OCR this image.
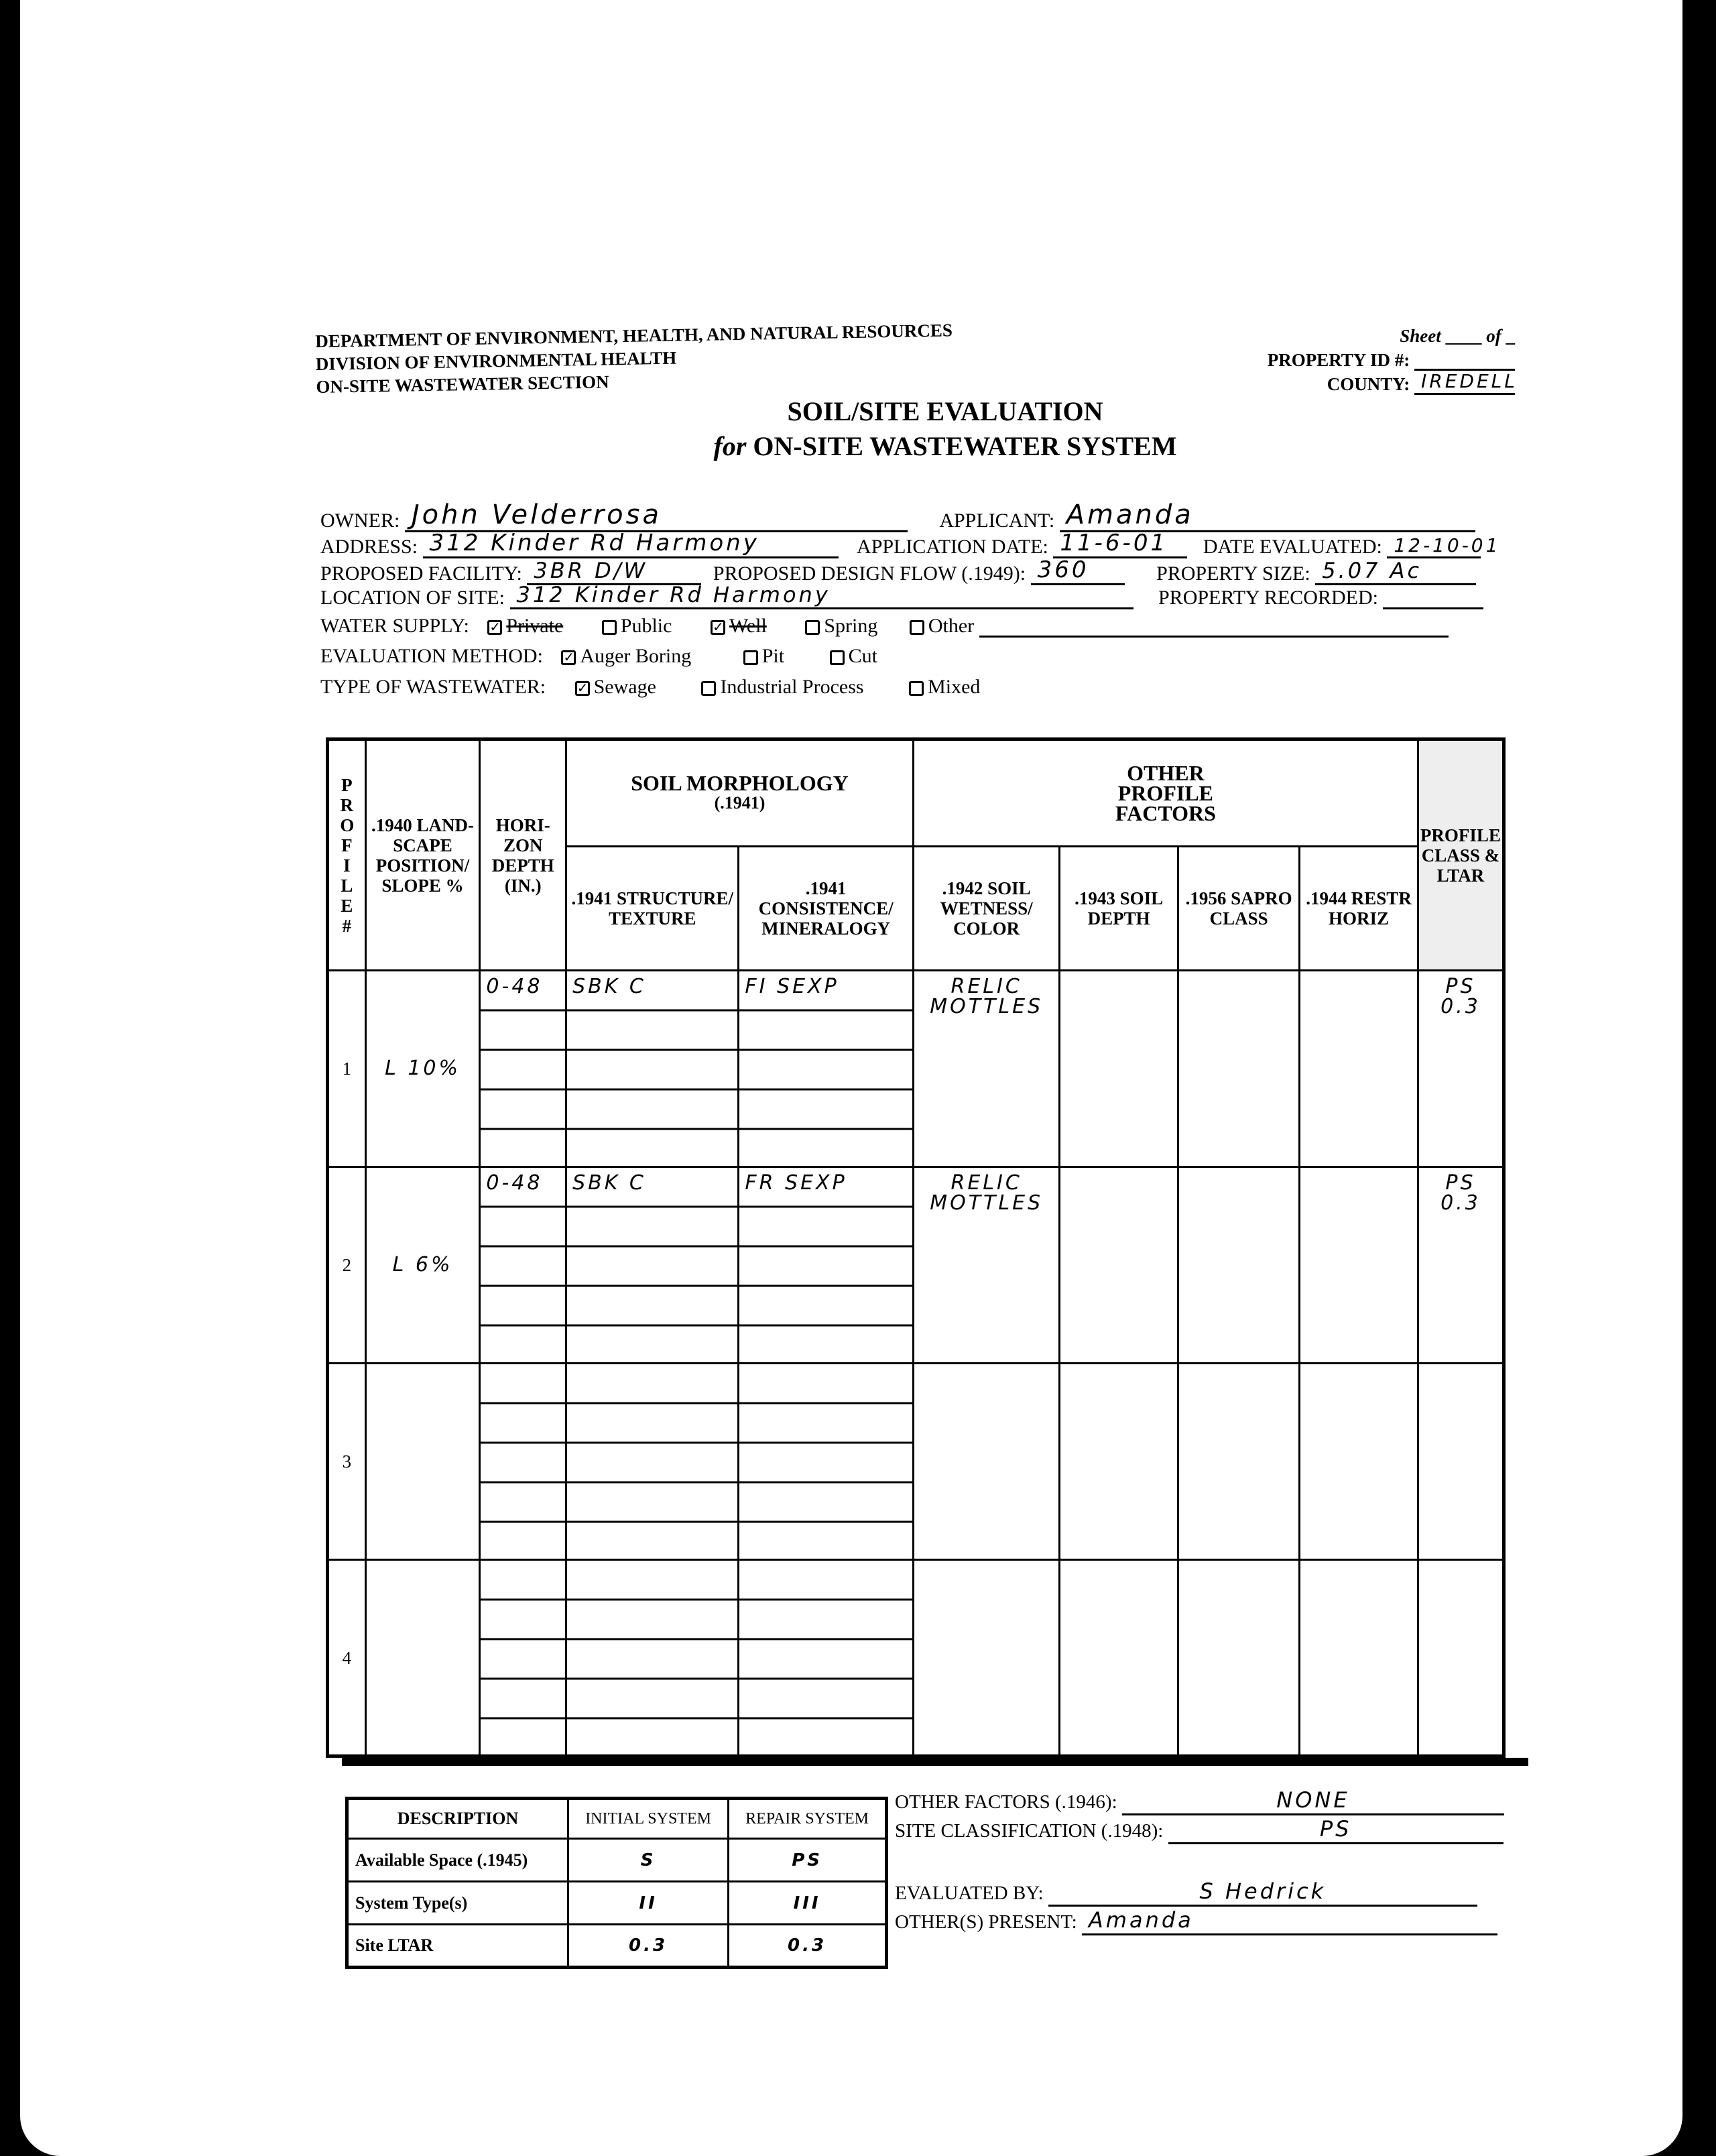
DEPARTMENT OF ENVIRONMENT, HEALTH, AND NATURAL RESOURCES
DIVISION OF ENVIRONMENTAL HEALTH
ON-SITE WASTEWATER SECTION
Sheet ____ of _
PROPERTY ID #:
COUNTY: IREDELL
SOIL/SITE EVALUATION
for ON-SITE WASTEWATER SYSTEM
OWNER: John Velderrosa	APPLICANT: Amanda
ADDRESS: 312 Kinder Rd Harmony	APPLICATION DATE: 11-6-01 DATE EVALUATED: 12-10-01
PROPOSED FACILITY: 3BR D/W	PROPOSED DESIGN FLOW (.1949): 360	PROPERTY SIZE: 5.07 Ac
LOCATION OF SITE: 312 Kinder Rd Harmony	PROPERTY RECORDED:
WATER SUPPLY: ✓ Private	Public	✓ Well	Spring	Other
EVALUATION METHOD: ✓ Auger Boring	Pit	Cut
TYPE OF WASTEWATER: ✓ Sewage	Industrial Process	Mixed
P R O F I L E #	.1940 LAND- SCAPE POSITION/ SLOPE %	HORI- ZON DEPTH (IN.)	SOIL MORPHOLOGY
(.1941)		OTHER PROFILE FACTORS				PROFILE CLASS & LTAR
			.1941 STRUCTURE/ TEXTURE	.1941 CONSISTENCE/ MINERALOGY	.1942 SOIL WETNESS/ COLOR	.1943 SOIL DEPTH	.1956 SAPRO CLASS	.1944 RESTR HORIZ	
1	L 10%	0-48	SBK C	FI SEXP	RELIC MOTTLES				PS 0.3
2	L 6%	0-48	SBK C	FR SEXP	RELIC MOTTLES				PS 0.3
3									
4									
DESCRIPTION	INITIAL SYSTEM	REPAIR SYSTEM
Available Space (.1945)	S	PS
System Type(s)	II	III
Site LTAR	0.3	0.3
OTHER FACTORS (.1946):	NONE
SITE CLASSIFICATION (.1948):	PS
EVALUATED BY:	S Hedrick
OTHER(S) PRESENT: Amanda
